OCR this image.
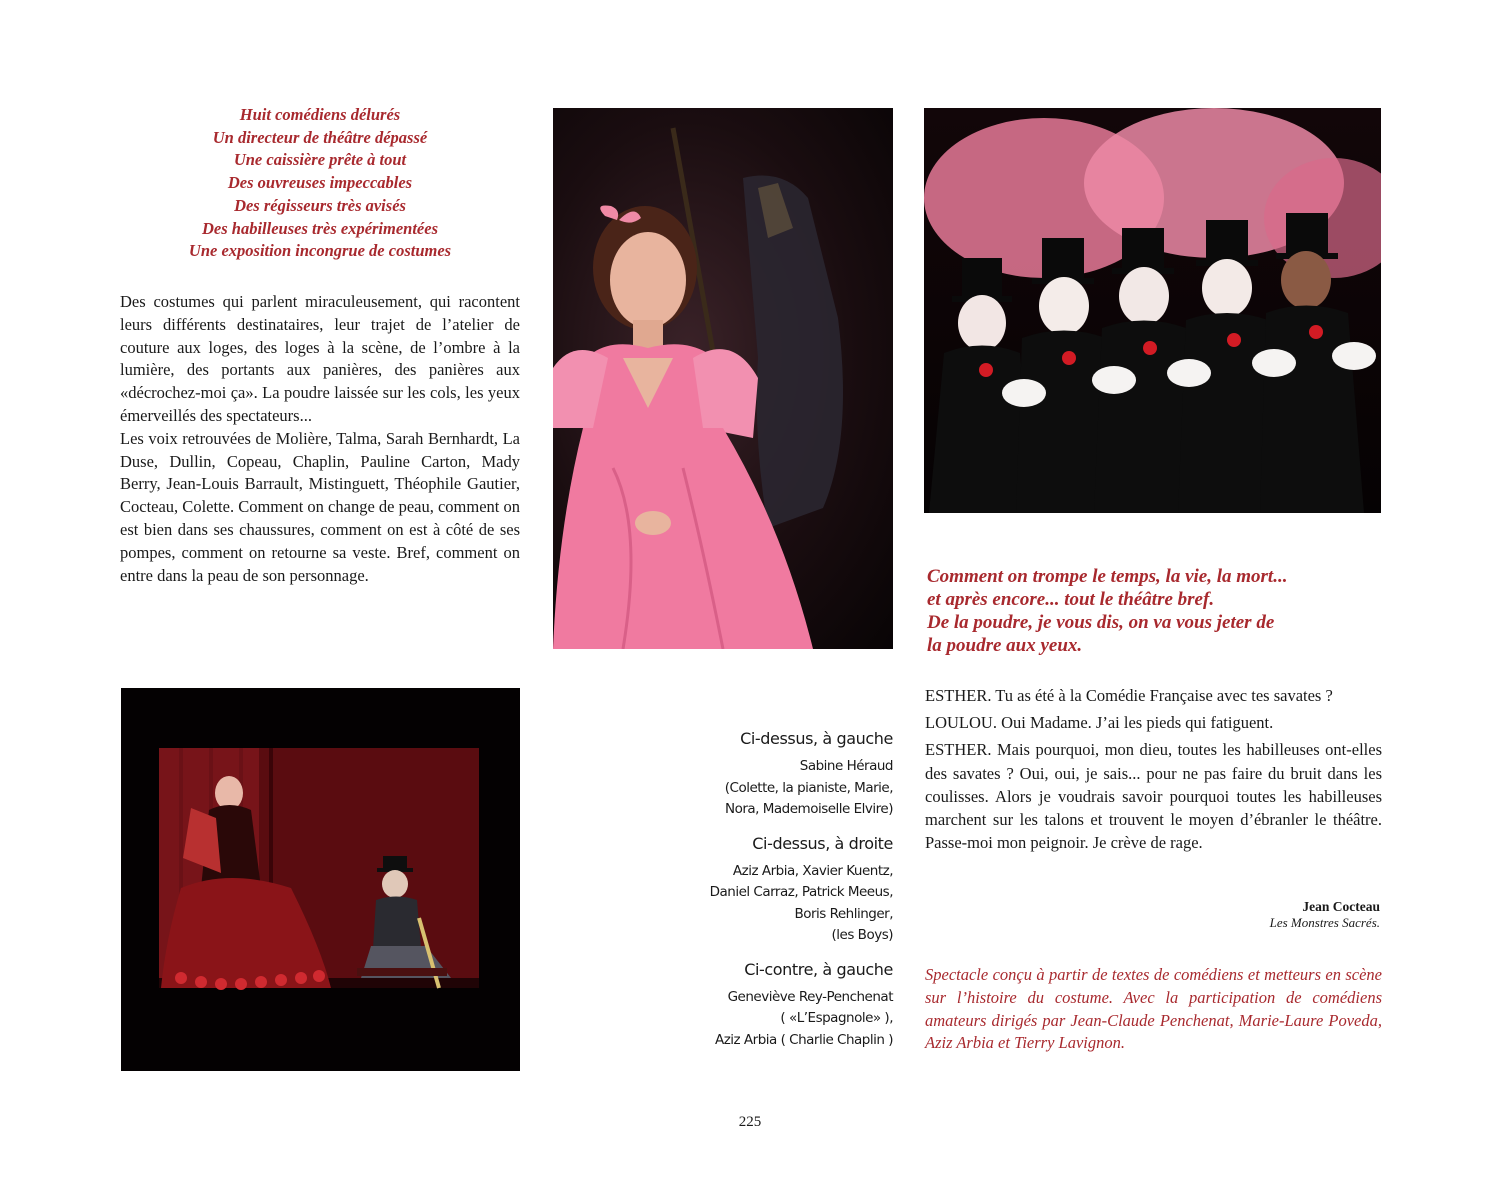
Huit comédiens délurés
Un directeur de théâtre dépassé
Une caissière prête à tout
Des ouvreuses impeccables
Des régisseurs très avisés
Des habilleuses très expérimentées
Une exposition incongrue de costumes

Des costumes qui parlent miraculeusement, qui racontent leurs différents destinataires, leur trajet de l’atelier de couture aux loges, des loges à la scène, de l’ombre à la lumière, des portants aux panières, des panières aux «décrochez-moi ça». La poudre laissée sur les cols, les yeux émerveillés des spectateurs...

Les voix retrouvées de Molière, Talma, Sarah Bernhardt, La Duse, Dullin, Copeau, Chaplin, Pauline Carton, Mady Berry, Jean-Louis Barrault, Mistinguett, Théophile Gautier, Cocteau, Colette. Comment on change de peau, comment on est bien dans ses chaussures, comment on est à côté de ses pompes, comment on retourne sa veste. Bref, comment on entre dans la peau de son personnage.	Comment on trompe le temps, la vie, la mort...
et après encore... tout le théâtre bref.
De la poudre, je vous dis, on va vous jeter de
la poudre aux yeux.

ESTHER. Tu as été à la Comédie Française avec tes savates ?

LOULOU. Oui Madame. J’ai les pieds qui fatiguent.

ESTHER. Mais pourquoi, mon dieu, toutes les habilleuses ont-elles des savates ? Oui, oui, je sais... pour ne pas faire du bruit dans les coulisses. Alors je voudrais savoir pourquoi toutes les habilleuses marchent sur les talons et trouvent le moyen d’ébranler le théâtre. Passe-moi mon peignoir. Je crève de rage.

Jean Cocteau
Les Monstres Sacrés.
Spectacle conçu à partir de textes de comédiens et metteurs en scène sur l’histoire du costume. Avec la participation de comédiens amateurs dirigés par Jean-Claude Penchenat, Marie-Laure Poveda, Aziz Arbia et Tierry Lavignon.
Ci-dessus, à gauche
Sabine Héraud
(Colette, la pianiste, Marie,
Nora, Mademoiselle Elvire)
Ci-dessus, à droite
Aziz Arbia, Xavier Kuentz,
Daniel Carraz, Patrick Meeus,
Boris Rehlinger,
(les Boys)
Ci-contre, à gauche
Geneviève Rey-Penchenat
( «L’Espagnole» ),
Aziz Arbia ( Charlie Chaplin )
225
